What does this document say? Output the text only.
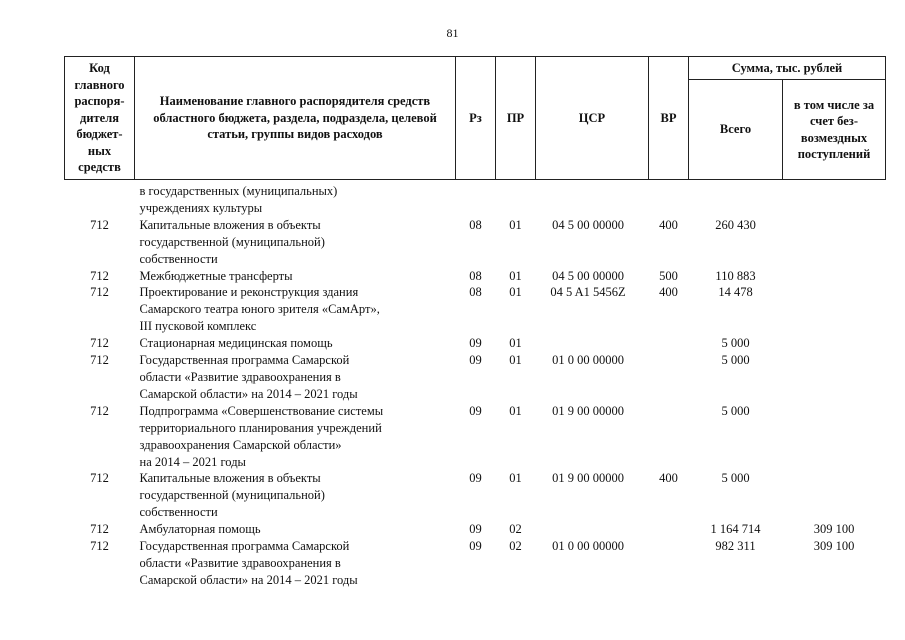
81
Код главного распоря-дителя бюджет-ных средств	Наименование главного распорядителя средств областного бюджета, раздела, подраздела, целевой статьи, группы видов расходов	Рз	ПР	ЦСР	ВР	Сумма, тыс. рублей	
						Всего	в том числе за счет без-возмездных поступлений
	в государственных (муниципальных)
учреждениях культуры						
712	Капитальные вложения в объекты
государственной (муниципальной)
собственности	08	01	04 5 00 00000	400	260 430	
712	Межбюджетные трансферты	08	01	04 5 00 00000	500	110 883	
712	Проектирование и реконструкция здания
Самарского театра юного зрителя «СамАрт»,
III пусковой комплекс	08	01	04 5 A1 5456Z	400	14 478	
712	Стационарная медицинская помощь	09	01			5 000	
712	Государственная программа Самарской
области «Развитие здравоохранения в
Самарской области» на 2014 – 2021 годы	09	01	01 0 00 00000		5 000	
712	Подпрограмма «Совершенствование системы
территориального планирования учреждений
здравоохранения Самарской области»
на 2014 – 2021 годы	09	01	01 9 00 00000		5 000	
712	Капитальные вложения в объекты
государственной (муниципальной)
собственности	09	01	01 9 00 00000	400	5 000	
712	Амбулаторная помощь	09	02			1 164 714	309 100
712	Государственная программа Самарской
области «Развитие здравоохранения в
Самарской области» на 2014 – 2021 годы	09	02	01 0 00 00000		982 311	309 100
